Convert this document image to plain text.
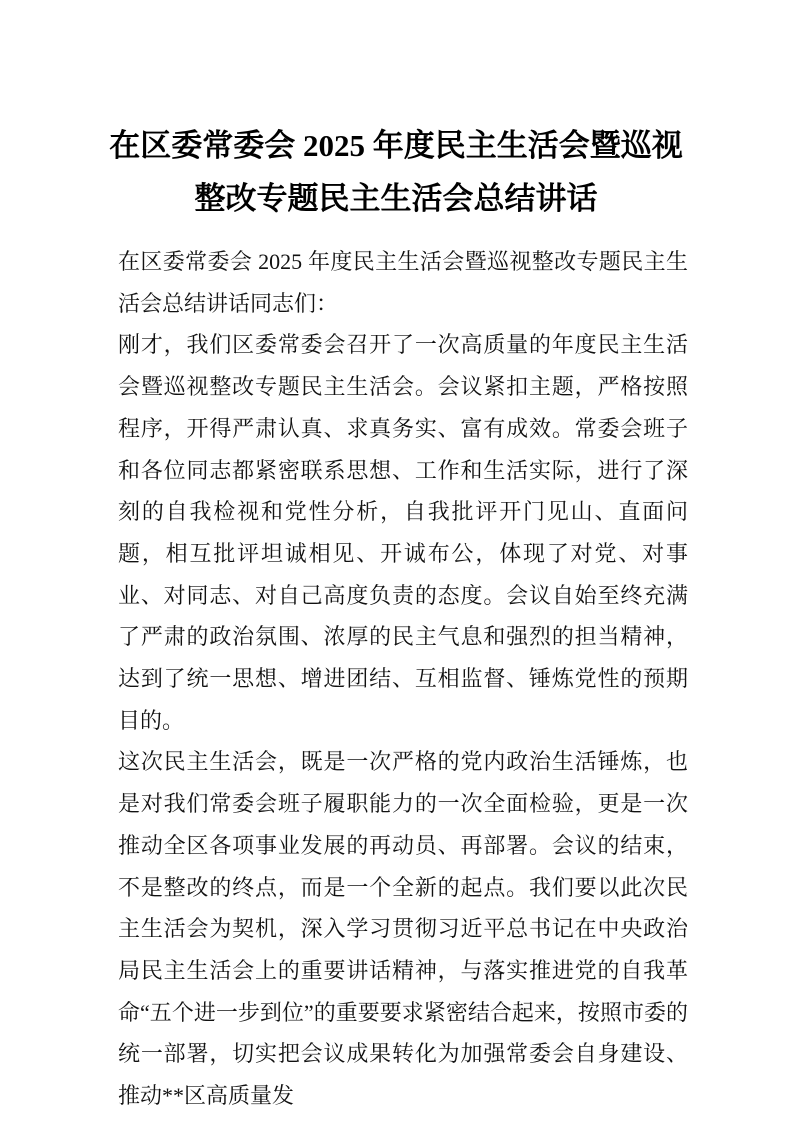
在区委常委会 2025 年度民主生活会暨巡视整改专题民主生活会总结讲话

在区委常委会 2025 年度民主生活会暨巡视整改专题民主生活会总结讲话同志们：

刚才，我们区委常委会召开了一次高质量的年度民主生活会暨巡视整改专题民主生活会。会议紧扣主题，严格按照程序，开得严肃认真、求真务实、富有成效。常委会班子和各位同志都紧密联系思想、工作和生活实际，进行了深刻的自我检视和党性分析，自我批评开门见山、直面问题，相互批评坦诚相见、开诚布公，体现了对党、对事业、对同志、对自己高度负责的态度。会议自始至终充满了严肃的政治氛围、浓厚的民主气息和强烈的担当精神，达到了统一思想、增进团结、互相监督、锤炼党性的预期目的。

这次民主生活会，既是一次严格的党内政治生活锤炼，也是对我们常委会班子履职能力的一次全面检验，更是一次推动全区各项事业发展的再动员、再部署。会议的结束，不是整改的终点，而是一个全新的起点。我们要以此次民主生活会为契机，深入学习贯彻习近平总书记在中央政治局民主生活会上的重要讲话精神，与落实推进党的自我革命“五个进一步到位”的重要要求紧密结合起来，按照市委的统一部署，切实把会议成果转化为加强常委会自身建设、推动**区高质量发
